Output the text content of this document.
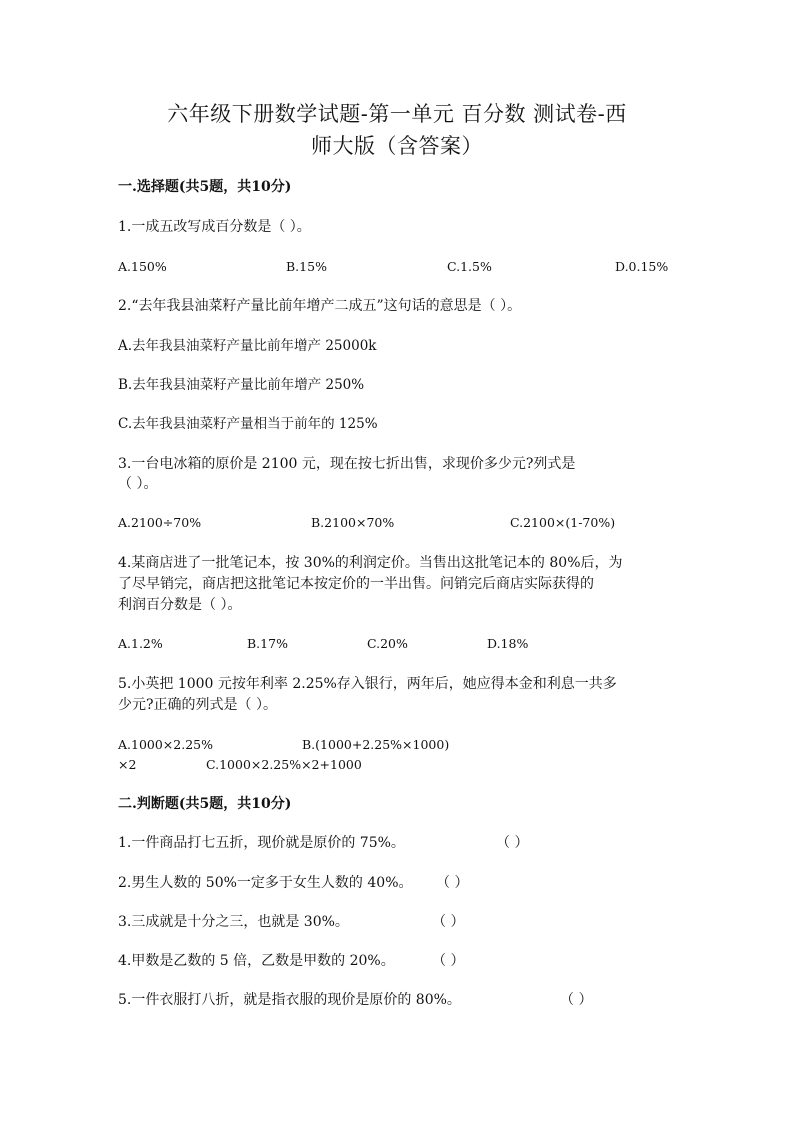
六年级下册数学试题-第一单元 百分数 测试卷-西
师大版（含答案）
一.选择题(共5题，共10分)
1.一成五改写成百分数是（ ）。
A.150%	B.15%	C.1.5%	D.0.15%
2.“去年我县油菜籽产量比前年增产二成五”这句话的意思是（ ）。
A.去年我县油菜籽产量比前年增产 25000k
B.去年我县油菜籽产量比前年增产 250%
C.去年我县油菜籽产量相当于前年的 125%
3.一台电冰箱的原价是 2100 元，现在按七折出售，求现价多少元?列式是
（ ）。
A.2100÷70%	B.2100×70%	C.2100×(1-70%)
4.某商店进了一批笔记本，按 30%的利润定价。当售出这批笔记本的 80%后，为
了尽早销完，商店把这批笔记本按定价的一半出售。问销完后商店实际获得的
利润百分数是（ ）。
A.1.2%	B.17%	C.20%	D.18%
5.小英把 1000 元按年利率 2.25%存入银行，两年后，她应得本金和利息一共多
少元?正确的列式是（ ）。
A.1000×2.25%	B.(1000+2.25%×1000)
×2	C.1000×2.25%×2+1000
二.判断题(共5题，共10分)
1.一件商品打七五折，现价就是原价的 75%。	（ ）
2.男生人数的 50%一定多于女生人数的 40%。 （ ）
3.三成就是十分之三，也就是 30%。	（ ）
4.甲数是乙数的 5 倍，乙数是甲数的 20%。	（ ）
5.一件衣服打八折，就是指衣服的现价是原价的 80%。	（ ）
